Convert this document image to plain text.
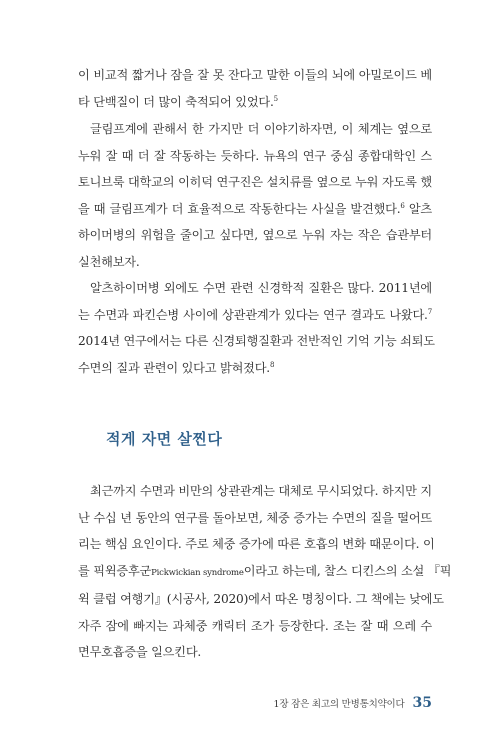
이 비교적 짧거나 잠을 잘 못 잔다고 말한 이들의 뇌에 아밀로이드 베
타 단백질이 더 많이 축적되어 있었다.$^5$

글림프계에 관해서 한 가지만 더 이야기하자면, 이 체계는 옆으로
누워 잘 때 더 잘 작동하는 듯하다. 뉴욕의 연구 중심 종합대학인 스
토니브룩 대학교의 이히덕 연구진은 설치류를 옆으로 누워 자도록 했
을 때 글림프계가 더 효율적으로 작동한다는 사실을 발견했다.$^6$ 알츠
하이머병의 위험을 줄이고 싶다면, 옆으로 누워 자는 작은 습관부터
실천해보자.

알츠하이머병 외에도 수면 관련 신경학적 질환은 많다. 2011년에
는 수면과 파킨슨병 사이에 상관관계가 있다는 연구 결과도 나왔다.$^7$
2014년 연구에서는 다른 신경퇴행질환과 전반적인 기억 기능 쇠퇴도
수면의 질과 관련이 있다고 밝혀졌다.$^8$

적게 자면 살찐다

최근까지 수면과 비만의 상관관계는 대체로 무시되었다. 하지만 지
난 수십 년 동안의 연구를 돌아보면, 체중 증가는 수면의 질을 떨어뜨
리는 핵심 요인이다. 주로 체중 증가에 따른 호흡의 변화 때문이다. 이
를 픽윅증후군Pickwickian syndrome이라고 하는데, 찰스 디킨스의 소설 『픽
윅 클럽 여행기』(시공사, 2020)에서 따온 명칭이다. 그 책에는 낮에도
자주 잠에 빠지는 과체중 캐릭터 조가 등장한다. 조는 잘 때 으레 수
면무호흡증을 일으킨다.

1장 잠은 최고의 만병통치약이다 35
